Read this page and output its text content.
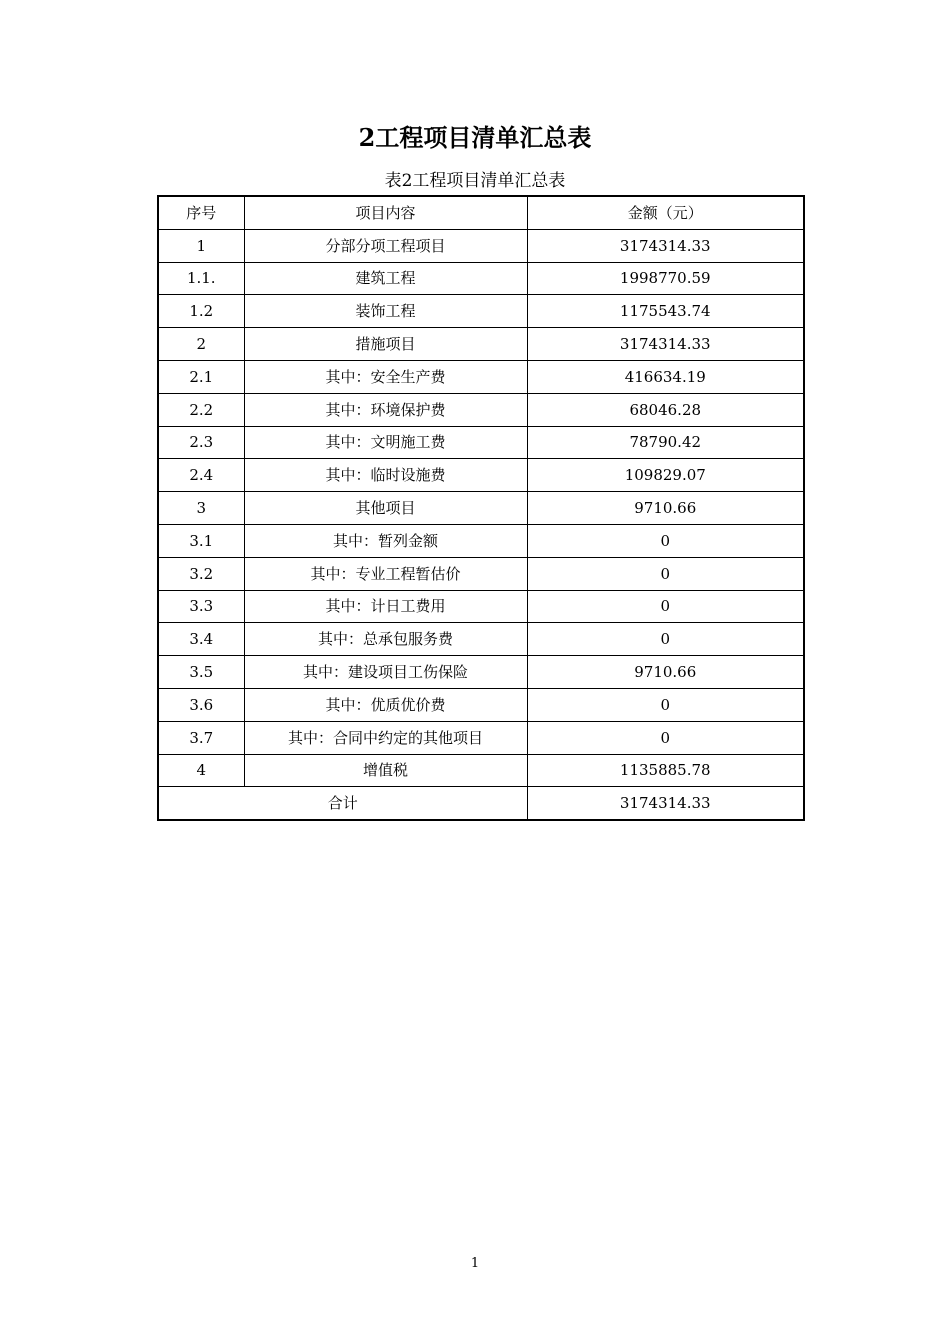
2工程项目清单汇总表
表2工程项目清单汇总表
序号	项目内容	金额（元）
1	分部分项工程项目	3174314.33
1.1.	建筑工程	1998770.59
1.2	装饰工程	1175543.74
2	措施项目	3174314.33
2.1	其中：安全生产费	416634.19
2.2	其中：环境保护费	68046.28
2.3	其中：文明施工费	78790.42
2.4	其中：临时设施费	109829.07
3	其他项目	9710.66
3.1	其中：暂列金额	0
3.2	其中：专业工程暂估价	0
3.3	其中：计日工费用	0
3.4	其中：总承包服务费	0
3.5	其中：建设项目工伤保险	9710.66
3.6	其中：优质优价费	0
3.7	其中：合同中约定的其他项目	0
4	增值税	1135885.78
合计		3174314.33
1
